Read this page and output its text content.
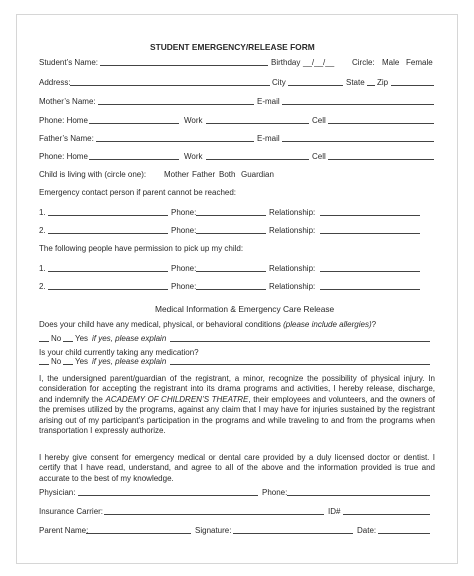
STUDENT EMERGENCY/RELEASE FORM
Student’s Name:	Birthday __/__/__ Circle: Male Female
Address:	City	State Zip
Mother’s Name:	E-mail
Phone: Home	Work	Cell
Father’s Name:	E-mail
Phone: Home	Work	Cell
Child is living with (circle one): Mother Father Both Guardian
Emergency contact person if parent cannot be reached:
1.	Phone:	Relationship:
2.	Phone:	Relationship:
The following people have permission to pick up my child:
1.	Phone:	Relationship:
2.	Phone:	Relationship:
Medical Information & Emergency Care Release
Does your child have any medical, physical, or behavioral conditions (please include allergies)?
No Yes if yes, please explain
Is your child currently taking any medication?
No Yes if yes, please explain
I, the undersigned parent/guardian of the registrant, a minor, recognize the possibility of physical injury. In consideration for accepting the registrant into its drama programs and activities, I hereby release, discharge, and indemnify the ACADEMY OF CHILDREN’S THEATRE, their employees and volunteers, and the owners of the premises utilized by the programs, against any claim that I may have for injuries sustained by the registrant arising out of my participant’s participation in the programs and while traveling to and from the programs when transportation I expressly authorize.
I hereby give consent for emergency medical or dental care provided by a duly licensed doctor or dentist. I certify that I have read, understand, and agree to all of the above and the information provided is true and accurate to the best of my knowledge.
Physician:	Phone:
Insurance Carrier:	ID#
Parent Name:	Signature:	Date:
